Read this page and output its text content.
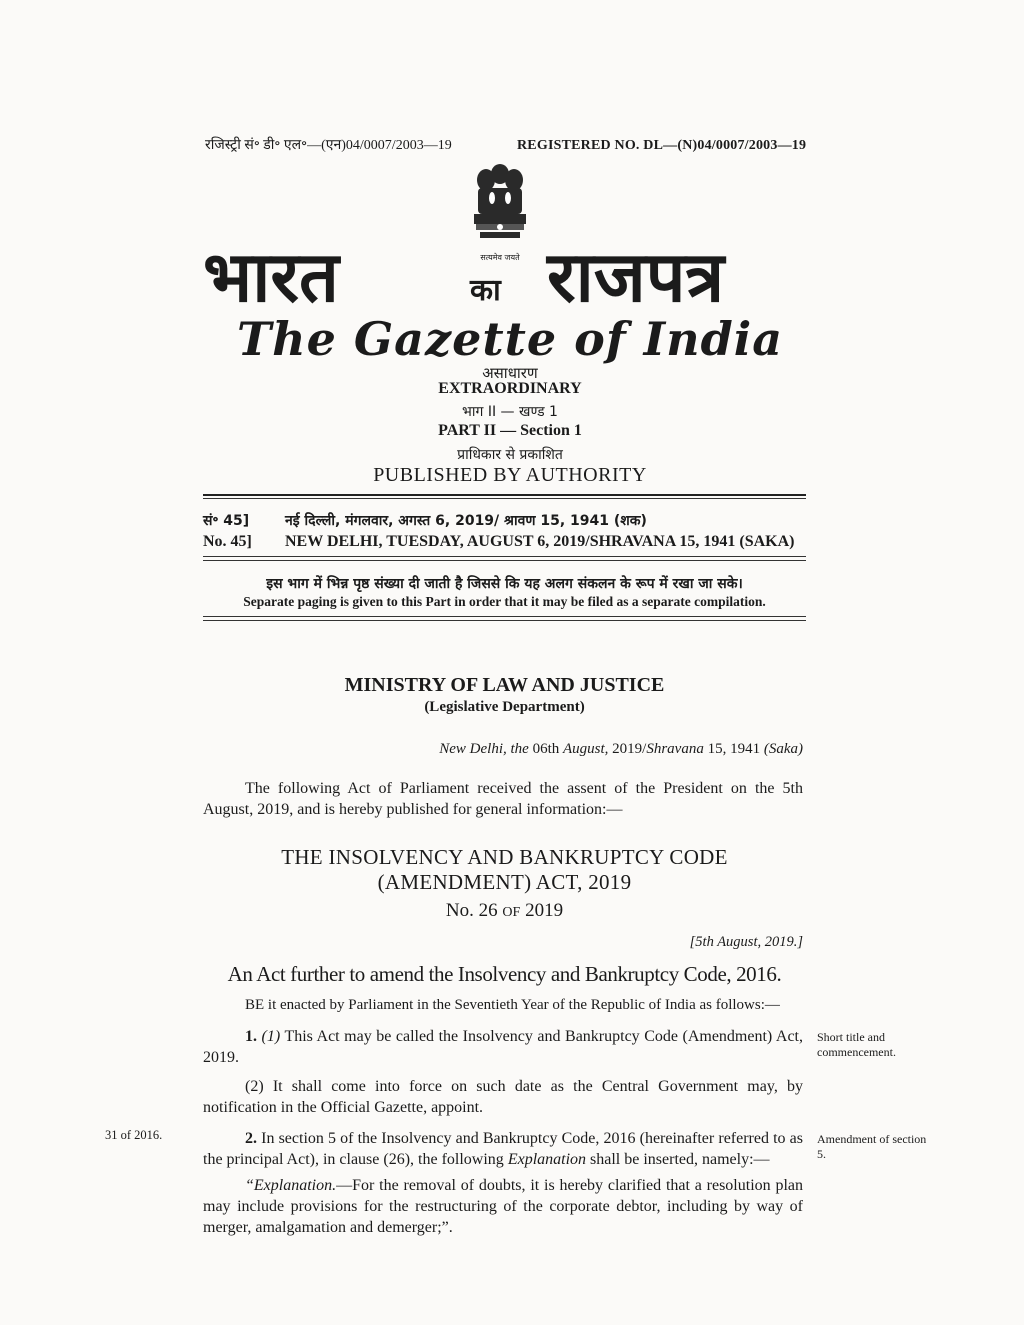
रजिस्ट्री सं॰ डी॰ एल॰—(एन)04/0007/2003—19	REGISTERED NO. DL—(N)04/0007/2003—19
सत्यमेव जयते
भारत	का राजपत्र
The Gazette of India
असाधारण
EXTRAORDINARY
भाग II — खण्ड 1
PART II — Section 1
प्राधिकार से प्रकाशित
PUBLISHED BY AUTHORITY
सं॰ 45]	नई दिल्ली, मंगलवार, अगस्त 6, 2019/ श्रावण 15, 1941 (शक)
No. 45] NEW DELHI, TUESDAY, AUGUST 6, 2019/SHRAVANA 15, 1941 (SAKA)
इस भाग में भिन्न पृष्ठ संख्या दी जाती है जिससे कि यह अलग संकलन के रूप में रखा जा सके।
Separate paging is given to this Part in order that it may be filed as a separate compilation.
MINISTRY OF LAW AND JUSTICE
(Legislative Department)
New Delhi, the 06th August, 2019/Shravana 15, 1941 (Saka)
The following Act of Parliament received the assent of the President on the 5th August, 2019, and is hereby published for general information:—
THE INSOLVENCY AND BANKRUPTCY CODE
(AMENDMENT) ACT, 2019
No. 26 OF 2019
[5th August, 2019.]
An Act further to amend the Insolvency and Bankruptcy Code, 2016.
BE it enacted by Parliament in the Seventieth Year of the Republic of India as follows:—
1. (1) This Act may be called the Insolvency and Bankruptcy Code (Amendment) Act, 2019.
Short title and commencement.
(2) It shall come into force on such date as the Central Government may, by notification in the Official Gazette, appoint.
31 of 2016.	2. In section 5 of the Insolvency and Bankruptcy Code, 2016 (hereinafter referred to as the principal Act), in clause (26), the following Explanation shall be inserted, namely:—
Amendment of section 5.
“Explanation.—For the removal of doubts, it is hereby clarified that a resolution plan may include provisions for the restructuring of the corporate debtor, including by way of merger, amalgamation and demerger;”.
